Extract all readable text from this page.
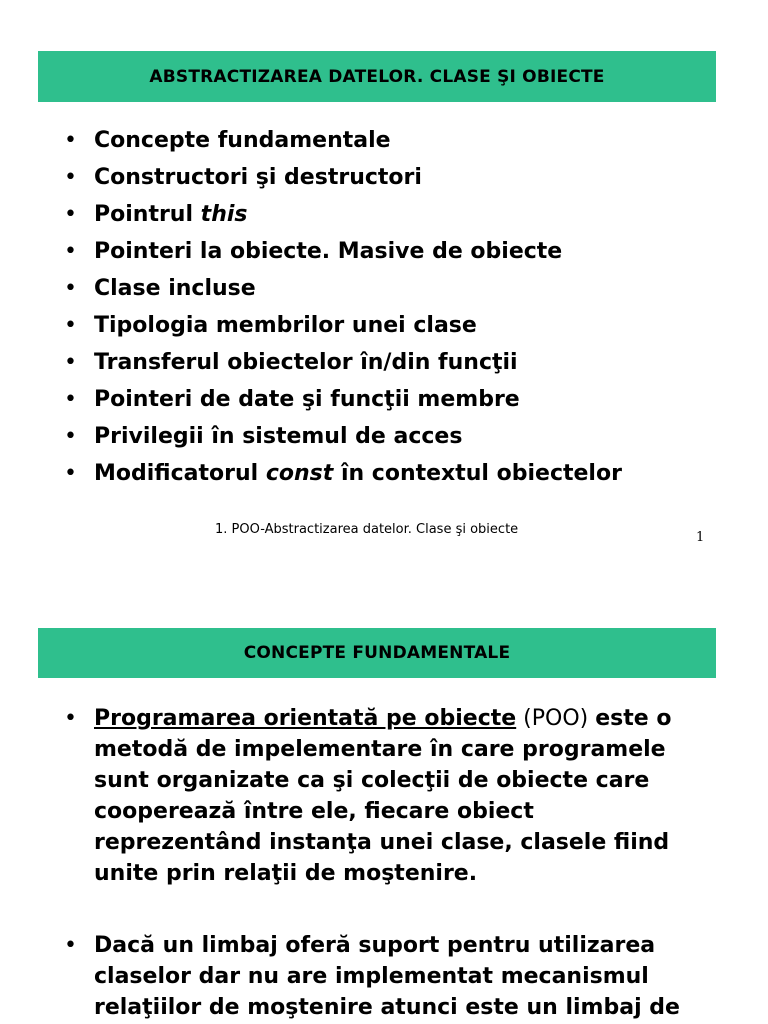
ABSTRACTIZAREA DATELOR. CLASE ŞI OBIECTE
• Concepte fundamentale
• Constructori şi destructori
• Pointrul this
• Pointeri la obiecte. Masive de obiecte
• Clase incluse
• Tipologia membrilor unei clase
• Transferul obiectelor în/din funcţii
• Pointeri de date şi funcţii membre
• Privilegii în sistemul de acces
• Modificatorul const în contextul obiectelor
1. POO-Abstractizarea datelor. Clase şi obiecte
1
CONCEPTE FUNDAMENTALE
• Programarea orientată pe obiecte (POO) este o
metodă de impelementare în care programele
sunt organizate ca şi colecţii de obiecte care
cooperează între ele, fiecare obiect
reprezentând instanţa unei clase, clasele fiind
unite prin relaţii de moştenire.
• Dacă un limbaj oferă suport pentru utilizarea
claselor dar nu are implementat mecanismul
relaţiilor de moştenire atunci este un limbaj de
